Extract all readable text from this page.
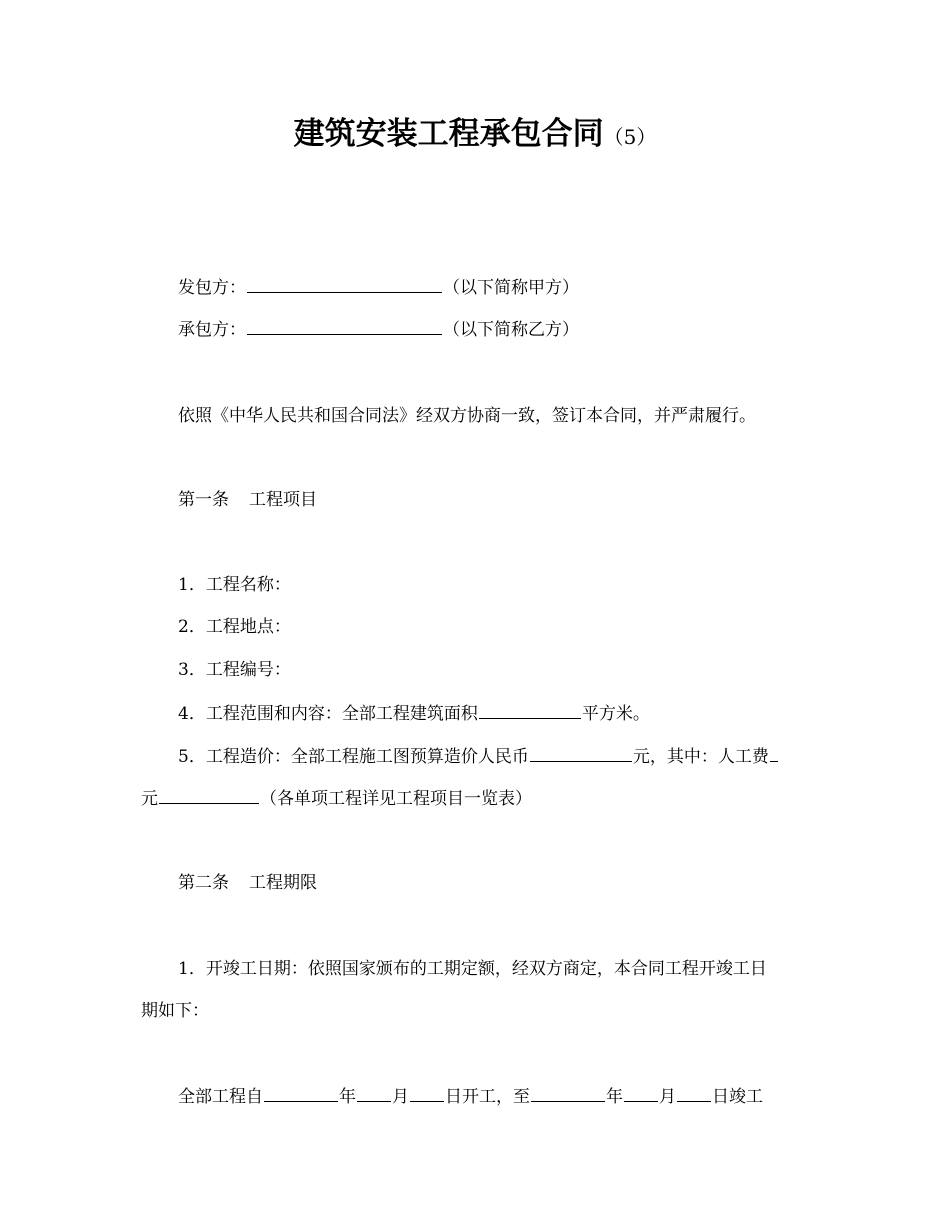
建筑安装工程承包合同（5）
发包方：	（以下简称甲方）
承包方：	（以下简称乙方）
依照《中华人民共和国合同法》经双方协商一致，签订本合同，并严肃履行。
第一条 工程项目
1．工程名称：
2．工程地点：
3．工程编号：
4．工程范围和内容：全部工程建筑面积	平方米。
5．工程造价：全部工程施工图预算造价人民币	元，其中：人工费
元	（各单项工程详见工程项目一览表）
第二条 工程期限
1．开竣工日期：依照国家颁布的工期定额，经双方商定，本合同工程开竣工日
期如下：
全部工程自	年 月 日开工，至	年 月 日竣工
